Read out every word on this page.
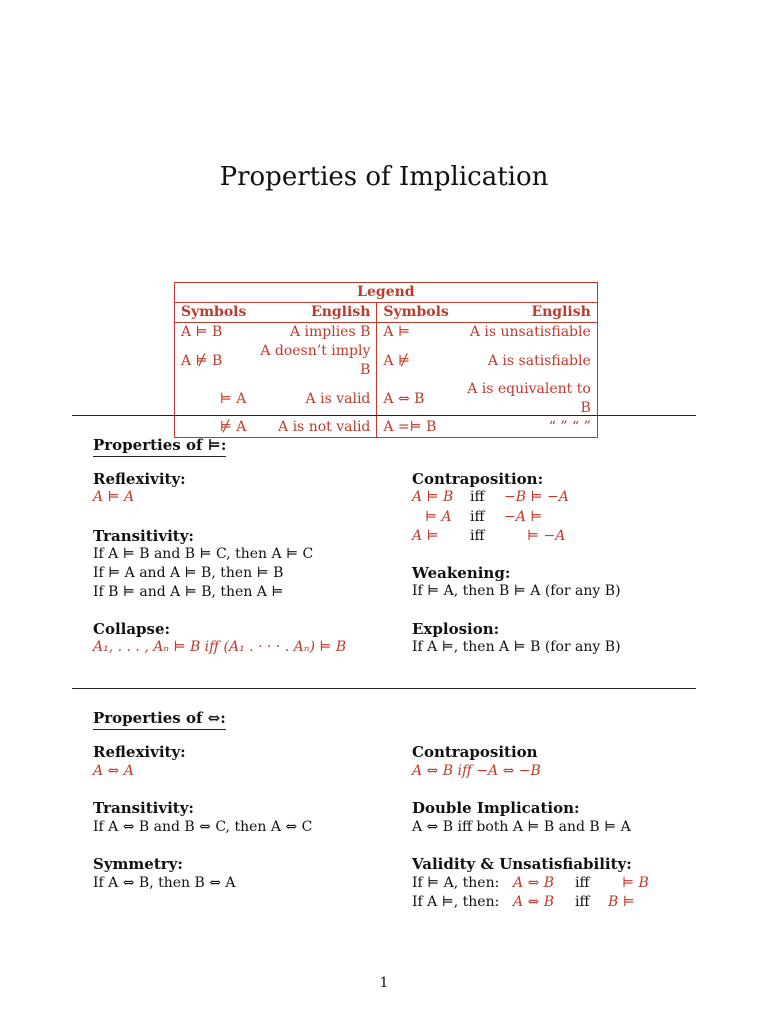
Properties of Implication
Legend			
Symbols	English	Symbols	English
A ⊨ B	A implies B	A ⊨	A is unsatisfiable
A ⊭ B	A doesn’t imply B	A ⊭	A is satisfiable
⊨ A	A is valid	A ⇔ B	A is equivalent to B
⊭ A	A is not valid	A =⊨ B	“ ” “ ”
Properties of ⊨:
Reflexivity:
A ⊨ A
Transitivity:
If A ⊨ B and B ⊨ C, then A ⊨ C
If ⊨ A and A ⊨ B, then ⊨ B
If B ⊨ and A ⊨ B, then A ⊨
Collapse:
A₁, . . . , Aₙ ⊨ B iff (A₁ . · · · . Aₙ) ⊨ B
Contraposition:
A ⊨ B iff −B ⊨ −A
⊨ A iff −A ⊨
A ⊨ iff	⊨ −A
Weakening:
If ⊨ A, then B ⊨ A (for any B)
Explosion:
If A ⊨, then A ⊨ B (for any B)
Properties of ⇔:
Reflexivity:
A ⇔ A
Transitivity:
If A ⇔ B and B ⇔ C, then A ⇔ C
Symmetry:
If A ⇔ B, then B ⇔ A
Contraposition
A ⇔ B iff −A ⇔ −B
Double Implication:
A ⇔ B iff both A ⊨ B and B ⊨ A
Validity & Unsatisfiability:
If ⊨ A, then: A ⇔ B iff ⊨ B
If A ⊨, then: A ⇔ B iff B ⊨
1
